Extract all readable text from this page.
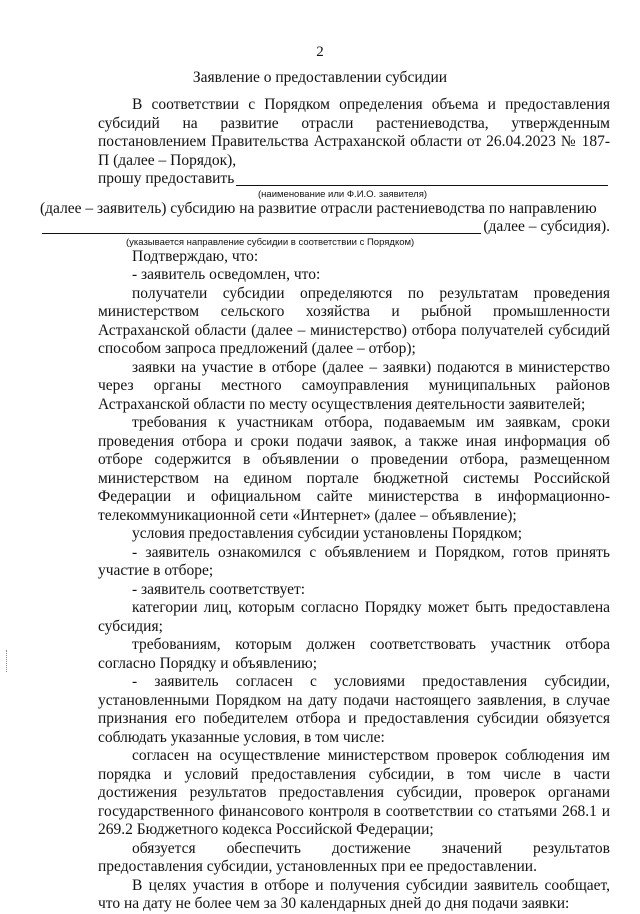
2
Заявление о предоставлении субсидии

В соответствии с Порядком определения объема и предоставления субсидий на развитие отрасли растениеводства, утвержденным постановлением Правительства Астраханской области от 26.04.2023 № 187-П (далее – Порядок),

прошу предоставить
(наименование или Ф.И.О. заявителя)

(далее – заявитель) субсидию на развитие отрасли растениеводства по направлению

(далее – субсидия).
(указывается направление субсидии в соответствии с Порядком)

Подтверждаю, что:

- заявитель осведомлен, что:

получатели субсидии определяются по результатам проведения министерством сельского хозяйства и рыбной промышленности Астраханской области (далее – министерство) отбора получателей субсидий способом запроса предложений (далее – отбор);

заявки на участие в отборе (далее – заявки) подаются в министерство через органы местного самоуправления муниципальных районов Астраханской области по месту осуществления деятельности заявителей;

требования к участникам отбора, подаваемым им заявкам, сроки проведения отбора и сроки подачи заявок, а также иная информация об отборе содержится в объявлении о проведении отбора, размещенном министерством на едином портале бюджетной системы Российской Федерации и официальном сайте министерства в информационно-телекоммуникационной сети «Интернет» (далее – объявление);

условия предоставления субсидии установлены Порядком;

- заявитель ознакомился с объявлением и Порядком, готов принять участие в отборе;

- заявитель соответствует:

категории лиц, которым согласно Порядку может быть предоставлена субсидия;

требованиям, которым должен соответствовать участник отбора согласно Порядку и объявлению;

- заявитель согласен с условиями предоставления субсидии, установленными Порядком на дату подачи настоящего заявления, в случае признания его победителем отбора и предоставления субсидии обязуется соблюдать указанные условия, в том числе:

согласен на осуществление министерством проверок соблюдения им порядка и условий предоставления субсидии, в том числе в части достижения результатов предоставления субсидии, проверок органами государственного финансового контроля в соответствии со статьями 268.1 и 269.2 Бюджетного кодекса Российской Федерации;

обязуется обеспечить достижение значений результатов предоставления субсидии, установленных при ее предоставлении.

В целях участия в отборе и получения субсидии заявитель сообщает, что на дату не более чем за 30 календарных дней до дня подачи заявки:
